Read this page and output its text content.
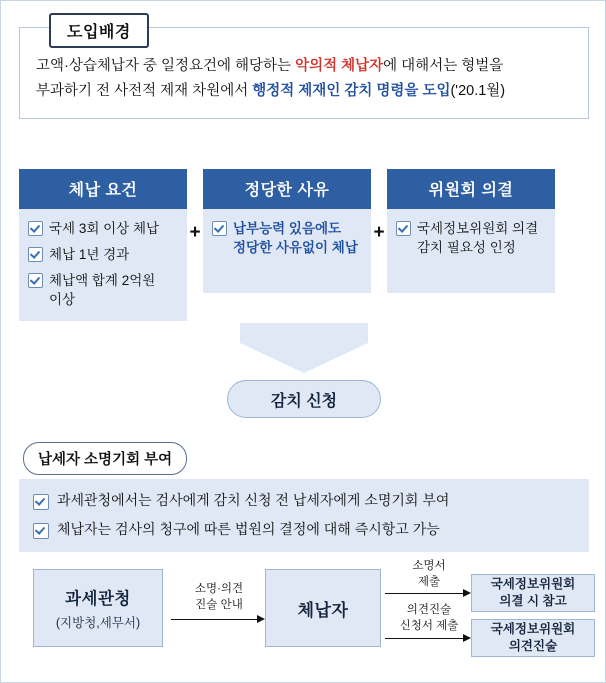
고액·상습체납자 중 일정요건에 해당하는 악의적 체납자에 대해서는 형벌을
부과하기 전 사전적 제재 차원에서 행정적 제재인 감치 명령을 도입('20.1월)
도입배경
체납 요건
국세 3회 이상 체납
체납 1년 경과
체납액 합계 2억원 이상
+
정당한 사유
납부능력 있음에도 정당한 사유없이 체납
+
위원회 의결
국세정보위원회 의결 감치 필요성 인정
감치 신청
납세자 소명기회 부여
과세관청에서는 검사에게 감치 신청 전 납세자에게 소명기회 부여
체납자는 검사의 청구에 따른 법원의 결정에 대해 즉시항고 가능
과세관청
(지방청,세무서)
소명·의견
진술 안내	체납자
소명서
제출	국세정보위원회
의결 시 참고
의견진술
신청서 제출	국세정보위원회
의견진술
